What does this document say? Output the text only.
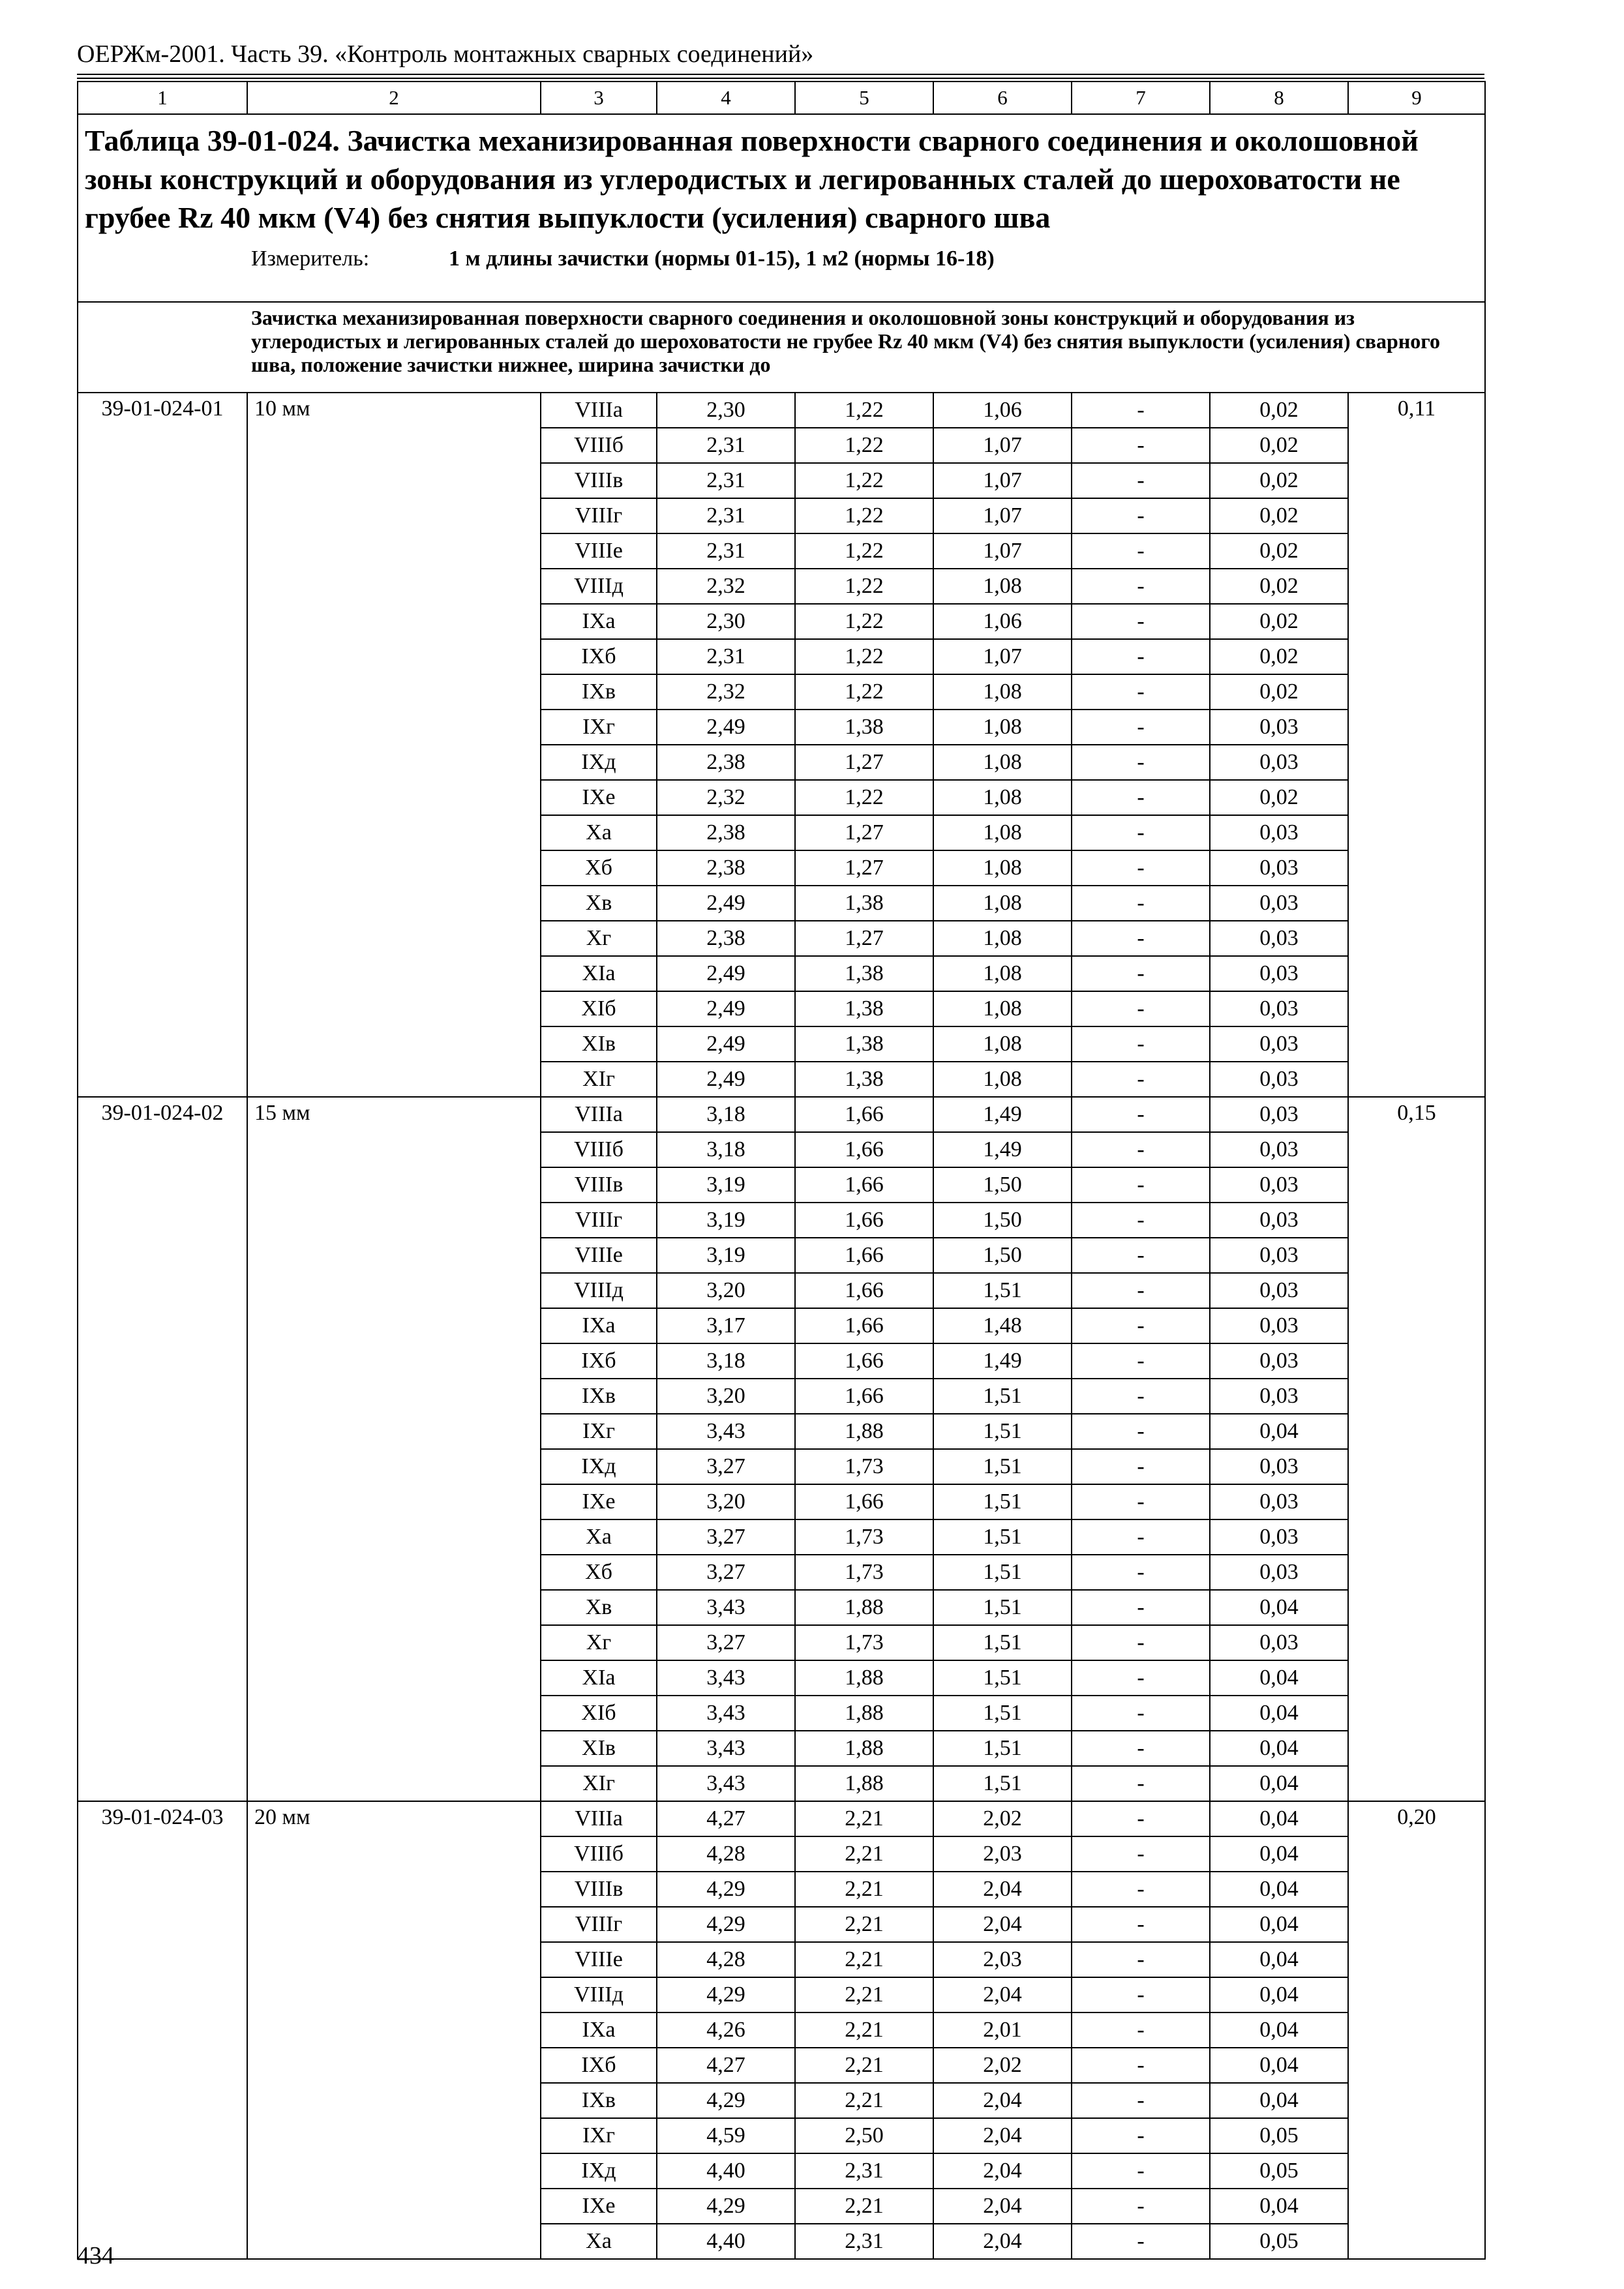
ОЕРЖм-2001. Часть 39. «Контроль монтажных сварных соединений»
1	2	3	4	5	6	7	8	9

Таблица 39-01-024. Зачистка механизированная поверхности сварного соединения и околошовной зоны конструкций и оборудования из углеродистых и легированных сталей до шероховатости не грубее Rz 40 мкм (V4) без снятия выпуклости (усиления) сварного шва
Измеритель: 1 м длины зачистки (нормы 01-15), 1 м2 (нормы 16-18)								

Зачистка механизированная поверхности сварного соединения и околошовной зоны конструкций и оборудования из углеродистых и легированных сталей до шероховатости не грубее Rz 40 мкм (V4) без снятия выпуклости (усиления) сварного шва, положение зачистки нижнее, ширина зачистки до								

39-01-024-01	10 мм	VIIIа	2,30	1,22	1,06	-	0,02	0,11
		VIIIб	2,31	1,22	1,07	-	0,02	
		VIIIв	2,31	1,22	1,07	-	0,02	
		VIIIг	2,31	1,22	1,07	-	0,02	
		VIIIе	2,31	1,22	1,07	-	0,02	
		VIIIд	2,32	1,22	1,08	-	0,02	
		IXа	2,30	1,22	1,06	-	0,02	
		IXб	2,31	1,22	1,07	-	0,02	
		IXв	2,32	1,22	1,08	-	0,02	
		IXг	2,49	1,38	1,08	-	0,03	
		IXд	2,38	1,27	1,08	-	0,03	
		IXе	2,32	1,22	1,08	-	0,02	
		Xа	2,38	1,27	1,08	-	0,03	
		Xб	2,38	1,27	1,08	-	0,03	
		Xв	2,49	1,38	1,08	-	0,03	
		Xг	2,38	1,27	1,08	-	0,03	
		XIа	2,49	1,38	1,08	-	0,03	
		XIб	2,49	1,38	1,08	-	0,03	
		XIв	2,49	1,38	1,08	-	0,03	
		XIг	2,49	1,38	1,08	-	0,03	
39-01-024-02	15 мм	VIIIа	3,18	1,66	1,49	-	0,03	0,15
		VIIIб	3,18	1,66	1,49	-	0,03	
		VIIIв	3,19	1,66	1,50	-	0,03	
		VIIIг	3,19	1,66	1,50	-	0,03	
		VIIIе	3,19	1,66	1,50	-	0,03	
		VIIIд	3,20	1,66	1,51	-	0,03	
		IXа	3,17	1,66	1,48	-	0,03	
		IXб	3,18	1,66	1,49	-	0,03	
		IXв	3,20	1,66	1,51	-	0,03	
		IXг	3,43	1,88	1,51	-	0,04	
		IXд	3,27	1,73	1,51	-	0,03	
		IXе	3,20	1,66	1,51	-	0,03	
		Xа	3,27	1,73	1,51	-	0,03	
		Xб	3,27	1,73	1,51	-	0,03	
		Xв	3,43	1,88	1,51	-	0,04	
		Xг	3,27	1,73	1,51	-	0,03	
		XIа	3,43	1,88	1,51	-	0,04	
		XIб	3,43	1,88	1,51	-	0,04	
		XIв	3,43	1,88	1,51	-	0,04	
		XIг	3,43	1,88	1,51	-	0,04	
39-01-024-03	20 мм	VIIIа	4,27	2,21	2,02	-	0,04	0,20
		VIIIб	4,28	2,21	2,03	-	0,04	
		VIIIв	4,29	2,21	2,04	-	0,04	
		VIIIг	4,29	2,21	2,04	-	0,04	
		VIIIе	4,28	2,21	2,03	-	0,04	
		VIIIд	4,29	2,21	2,04	-	0,04	
		IXа	4,26	2,21	2,01	-	0,04	
		IXб	4,27	2,21	2,02	-	0,04	
		IXв	4,29	2,21	2,04	-	0,04	
		IXг	4,59	2,50	2,04	-	0,05	
		IXд	4,40	2,31	2,04	-	0,05	
		IXе	4,29	2,21	2,04	-	0,04	
		Xа	4,40	2,31	2,04	-	0,05	
434
